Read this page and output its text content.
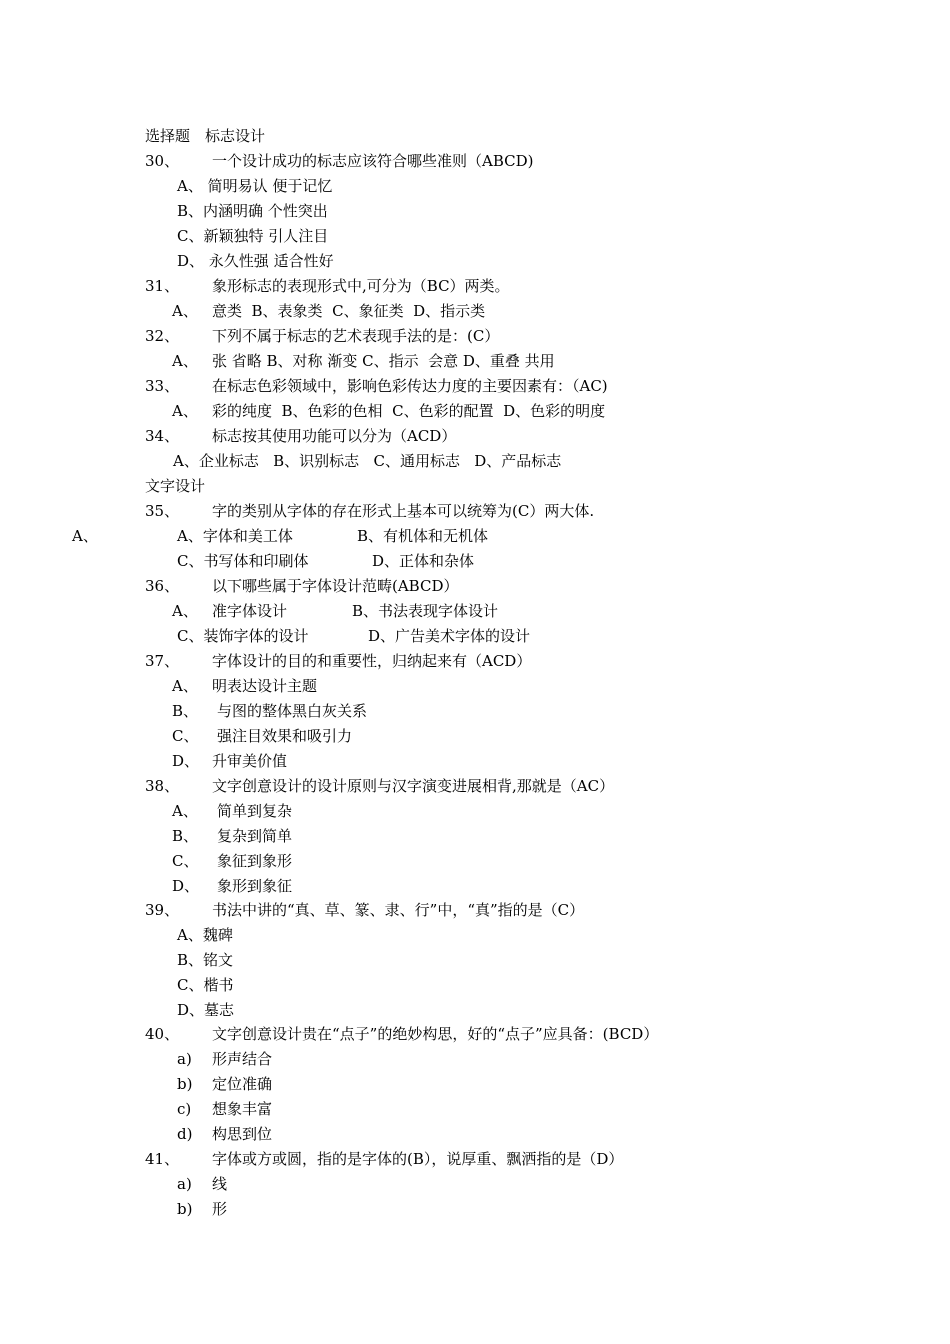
选择题　标志设计
30、 一个设计成功的标志应该符合哪些准则（ABCD)
A、 简明易认 便于记忆
B、内涵明确 个性突出
C、新颖独特 引人注目
D、 永久性强 适合性好
31、 象形标志的表现形式中,可分为（BC）两类。
A、 意类  B、表象类  C、象征类  D、指示类
32、 下列不属于标志的艺术表现手法的是：(C）
A、 张 省略 B、对称 渐变 C、指示  会意 D、重叠 共用
33、 在标志色彩领域中，影响色彩传达力度的主要因素有：（AC)
A、 彩的纯度  B、色彩的色相  C、色彩的配置  D、色彩的明度
34、 标志按其使用功能可以分为（ACD）
A、企业标志   B、识别标志   C、通用标志   D、产品标志
文字设计
35、 字的类别从字体的存在形式上基本可以统筹为(C）两大体.
A、	A、字体和美工体	B、有机体和无机体
C、书写体和印刷体	D、正体和杂体
36、 以下哪些属于字体设计范畴(ABCD）
A、 准字体设计	B、书法表现字体设计
C、装饰字体的设计	D、广告美术字体的设计
37、 字体设计的目的和重要性，归纳起来有（ACD）
A、 明表达设计主题
B、 与图的整体黑白灰关系
C、 强注目效果和吸引力
D、 升审美价值
38、 文字创意设计的设计原则与汉字演变进展相背,那就是（AC）
A、 简单到复杂
B、 复杂到简单
C、 象征到象形
D、 象形到象征
39、 书法中讲的“真、草、篆、隶、行”中，“真”指的是（C）
A、魏碑
B、铭文
C、楷书
D、墓志
40、 文字创意设计贵在“点子”的绝妙构思，好的“点子”应具备：(BCD）
a) 形声结合
b) 定位准确
c) 想象丰富
d) 构思到位
41、 字体或方或圆，指的是字体的(B），说厚重、飘洒指的是（D）
a) 线
b) 形
